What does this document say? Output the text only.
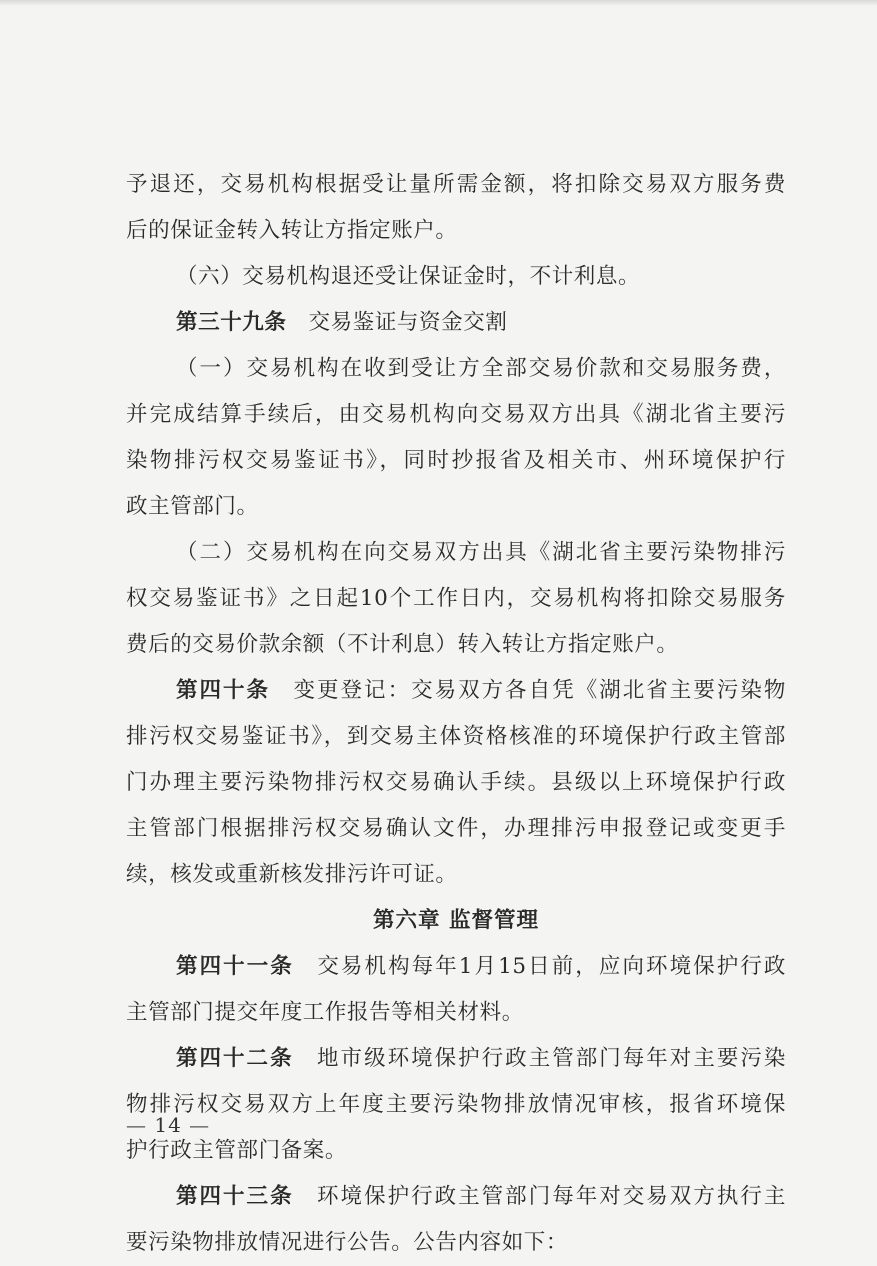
予退还，交易机构根据受让量所需金额，将扣除交易双方服务费
后的保证金转入转让方指定账户。
（六）交易机构退还受让保证金时，不计利息。
第三十九条 交易鉴证与资金交割
（一）交易机构在收到受让方全部交易价款和交易服务费，
并完成结算手续后，由交易机构向交易双方出具《湖北省主要污
染物排污权交易鉴证书》，同时抄报省及相关市、州环境保护行
政主管部门。
（二）交易机构在向交易双方出具《湖北省主要污染物排污
权交易鉴证书》之日起10个工作日内，交易机构将扣除交易服务
费后的交易价款余额（不计利息）转入转让方指定账户。
第四十条 变更登记：交易双方各自凭《湖北省主要污染物
排污权交易鉴证书》，到交易主体资格核准的环境保护行政主管部
门办理主要污染物排污权交易确认手续。县级以上环境保护行政
主管部门根据排污权交易确认文件，办理排污申报登记或变更手
续，核发或重新核发排污许可证。
第六章 监督管理
第四十一条 交易机构每年1月15日前，应向环境保护行政
主管部门提交年度工作报告等相关材料。
第四十二条 地市级环境保护行政主管部门每年对主要污染
物排污权交易双方上年度主要污染物排放情况审核，报省环境保
护行政主管部门备案。
第四十三条 环境保护行政主管部门每年对交易双方执行主
要污染物排放情况进行公告。公告内容如下：
— 14 —
